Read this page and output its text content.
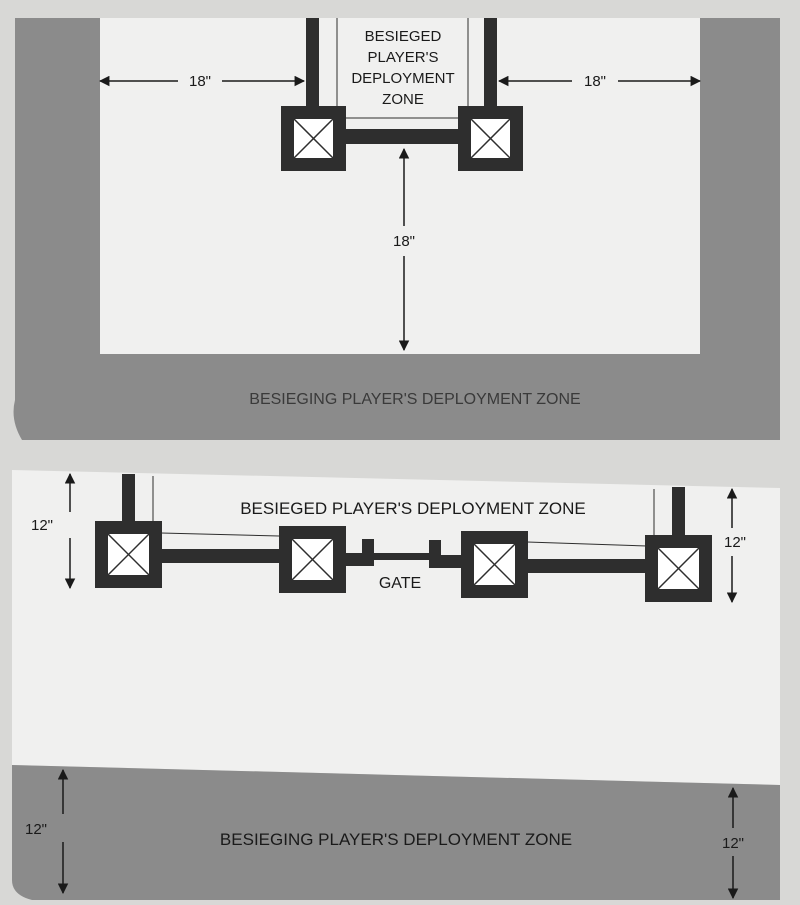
BESIEGED
PLAYER'S
DEPLOYMENT
ZONE
18"	18"
18"
BESIEGING PLAYER'S DEPLOYMENT ZONE
BESIEGED PLAYER'S DEPLOYMENT ZONE
GATE
12"
12"
BESIEGING PLAYER'S DEPLOYMENT ZONE
12"
12"
